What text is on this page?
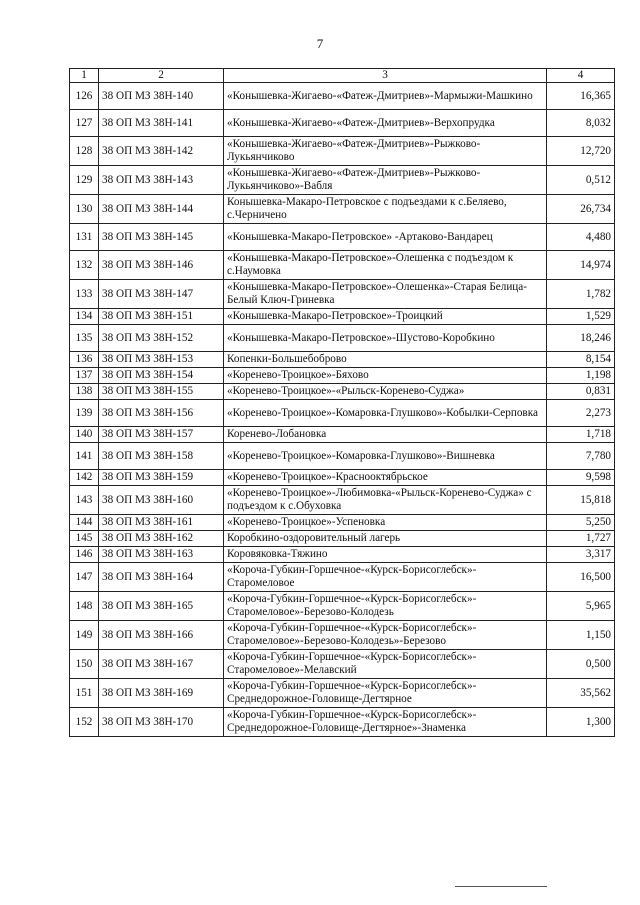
7
1	2	3	4
126	38 ОП МЗ 38Н-140	«Конышевка-Жигаево-«Фатеж-Дмитриев»-Мармыжи-Машкино	16,365
127	38 ОП МЗ 38Н-141	«Конышевка-Жигаево-«Фатеж-Дмитриев»-Верхопрудка	8,032
128	38 ОП МЗ 38Н-142	«Конышевка-Жигаево-«Фатеж-Дмитриев»-Рыжково-Лукьянчиково	12,720
129	38 ОП МЗ 38Н-143	«Конышевка-Жигаево-«Фатеж-Дмитриев»-Рыжково-Лукьянчиково»-Вабля	0,512
130	38 ОП МЗ 38Н-144	Конышевка-Макаро-Петровское с подъездами к с.Беляево, с.Черничено	26,734
131	38 ОП МЗ 38Н-145	«Конышевка-Макаро-Петровское» -Артаково-Вандарец	4,480
132	38 ОП МЗ 38Н-146	«Конышевка-Макаро-Петровское»-Олешенка с подъездом к с.Наумовка	14,974
133	38 ОП МЗ 38Н-147	«Конышевка-Макаро-Петровское»-Олешенка»-Старая Белица-Белый Ключ-Гриневка	1,782
134	38 ОП МЗ 38Н-151	«Конышевка-Макаро-Петровское»-Троицкий	1,529
135	38 ОП МЗ 38Н-152	«Конышевка-Макаро-Петровское»-Шустово-Коробкино	18,246
136	38 ОП МЗ 38Н-153	Копенки-Большебоброво	8,154
137	38 ОП МЗ 38Н-154	«Коренево-Троицкое»-Бяхово	1,198
138	38 ОП МЗ 38Н-155	«Коренево-Троицкое»-«Рыльск-Коренево-Суджа»	0,831
139	38 ОП МЗ 38Н-156	«Коренево-Троицкое»-Комаровка-Глушково»-Кобылки-Серповка	2,273
140	38 ОП МЗ 38Н-157	Коренево-Лобановка	1,718
141	38 ОП МЗ 38Н-158	«Коренево-Троицкое»-Комаровка-Глушково»-Вишневка	7,780
142	38 ОП МЗ 38Н-159	«Коренево-Троицкое»-Краснооктябрьское	9,598
143	38 ОП МЗ 38Н-160	«Коренево-Троицкое»-Любимовка-«Рыльск-Коренево-Суджа» с подъездом к с.Обуховка	15,818
144	38 ОП МЗ 38Н-161	«Коренево-Троицкое»-Успеновка	5,250
145	38 ОП МЗ 38Н-162	Коробкино-оздоровительный лагерь	1,727
146	38 ОП МЗ 38Н-163	Коровяковка-Тяжино	3,317
147	38 ОП МЗ 38Н-164	«Короча-Губкин-Горшечное-«Курск-Борисоглебск»-Старомеловое	16,500
148	38 ОП МЗ 38Н-165	«Короча-Губкин-Горшечное-«Курск-Борисоглебск»-Старомеловое»-Березово-Колодезь	5,965
149	38 ОП МЗ 38Н-166	«Короча-Губкин-Горшечное-«Курск-Борисоглебск»-Старомеловое»-Березово-Колодезь»-Березово	1,150
150	38 ОП МЗ 38Н-167	«Короча-Губкин-Горшечное-«Курск-Борисоглебск»-Старомеловое»-Мелавский	0,500
151	38 ОП МЗ 38Н-169	«Короча-Губкин-Горшечное-«Курск-Борисоглебск»-Среднедорожное-Головище-Дегтярное	35,562
152	38 ОП МЗ 38Н-170	«Короча-Губкин-Горшечное-«Курск-Борисоглебск»-Среднедорожное-Головище-Дегтярное»-Знаменка	1,300
